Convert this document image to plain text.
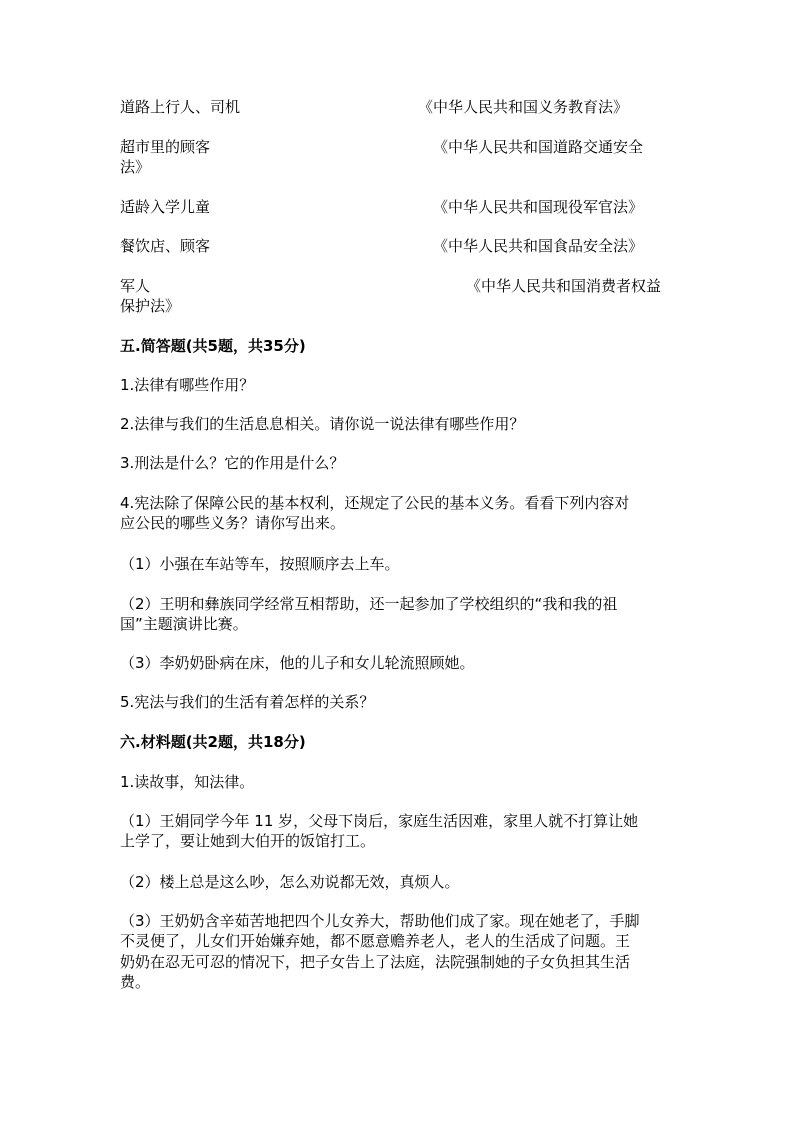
道路上行人、司机	《中华人民共和国义务教育法》
超市里的顾客	《中华人民共和国道路交通安全
法》
适龄入学儿童	《中华人民共和国现役军官法》
餐饮店、顾客	《中华人民共和国食品安全法》
军人	《中华人民共和国消费者权益
保护法》
五.简答题(共5题，共35分)
1.法律有哪些作用？
2.法律与我们的生活息息相关。请你说一说法律有哪些作用？
3.刑法是什么？它的作用是什么？
4.宪法除了保障公民的基本权利，还规定了公民的基本义务。看看下列内容对
应公民的哪些义务？请你写出来。
（1）小强在车站等车，按照顺序去上车。
（2）王明和彝族同学经常互相帮助，还一起参加了学校组织的“我和我的祖
国”主题演讲比赛。
（3）李奶奶卧病在床，他的儿子和女儿轮流照顾她。
5.宪法与我们的生活有着怎样的关系？
六.材料题(共2题，共18分)
1.读故事，知法律。
（1）王娟同学今年 11 岁，父母下岗后，家庭生活因难，家里人就不打算让她
上学了，要让她到大伯开的饭馆打工。
（2）楼上总是这么吵，怎么劝说都无效，真烦人。
（3）王奶奶含辛茹苦地把四个儿女养大，帮助他们成了家。现在她老了，手脚
不灵便了，儿女们开始嫌弃她，都不愿意赡养老人，老人的生活成了问题。王
奶奶在忍无可忍的情况下，把子女告上了法庭，法院强制她的子女负担其生活
费。
